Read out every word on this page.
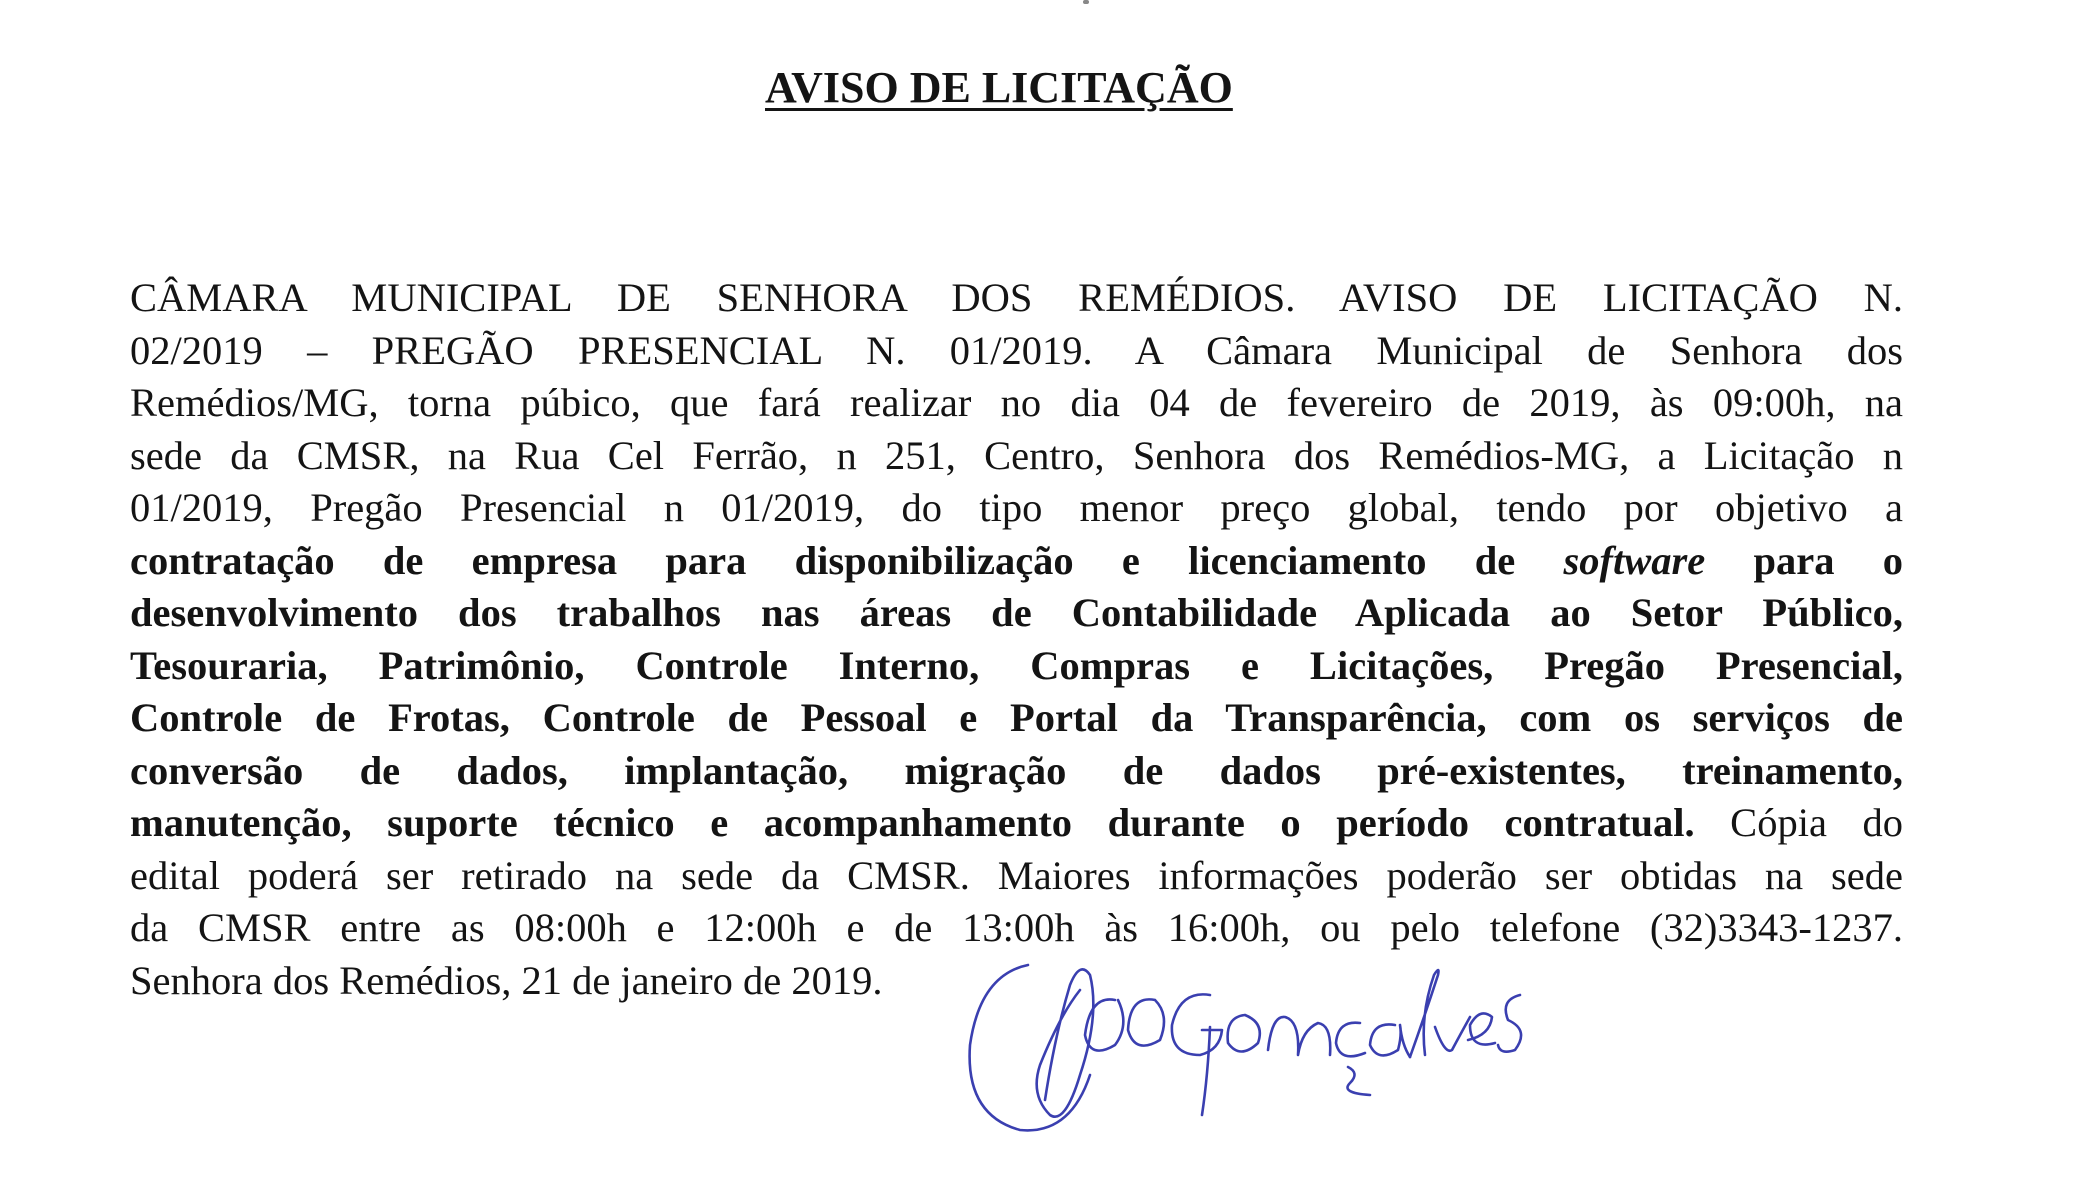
AVISO DE LICITAÇÃO
CÂMARA MUNICIPAL DE SENHORA DOS REMÉDIOS. AVISO DE LICITAÇÃO N.
02/2019 – PREGÃO PRESENCIAL N. 01/2019. A Câmara Municipal de Senhora dos
Remédios/MG, torna púbico, que fará realizar no dia 04 de fevereiro de 2019, às 09:00h, na
sede da CMSR, na Rua Cel Ferrão, n 251, Centro, Senhora dos Remédios-MG, a Licitação n
01/2019, Pregão Presencial n 01/2019, do tipo menor preço global, tendo por objetivo a
contratação de empresa para disponibilização e licenciamento de software para o
desenvolvimento dos trabalhos nas áreas de Contabilidade Aplicada ao Setor Público,
Tesouraria, Patrimônio, Controle Interno, Compras e Licitações, Pregão Presencial,
Controle de Frotas, Controle de Pessoal e Portal da Transparência, com os serviços de
conversão de dados, implantação, migração de dados pré-existentes, treinamento,
manutenção, suporte técnico e acompanhamento durante o período contratual. Cópia do
edital poderá ser retirado na sede da CMSR. Maiores informações poderão ser obtidas na sede
da CMSR entre as 08:00h e 12:00h e de 13:00h às 16:00h, ou pelo telefone (32)3343-1237.
Senhora dos Remédios, 21 de janeiro de 2019.
